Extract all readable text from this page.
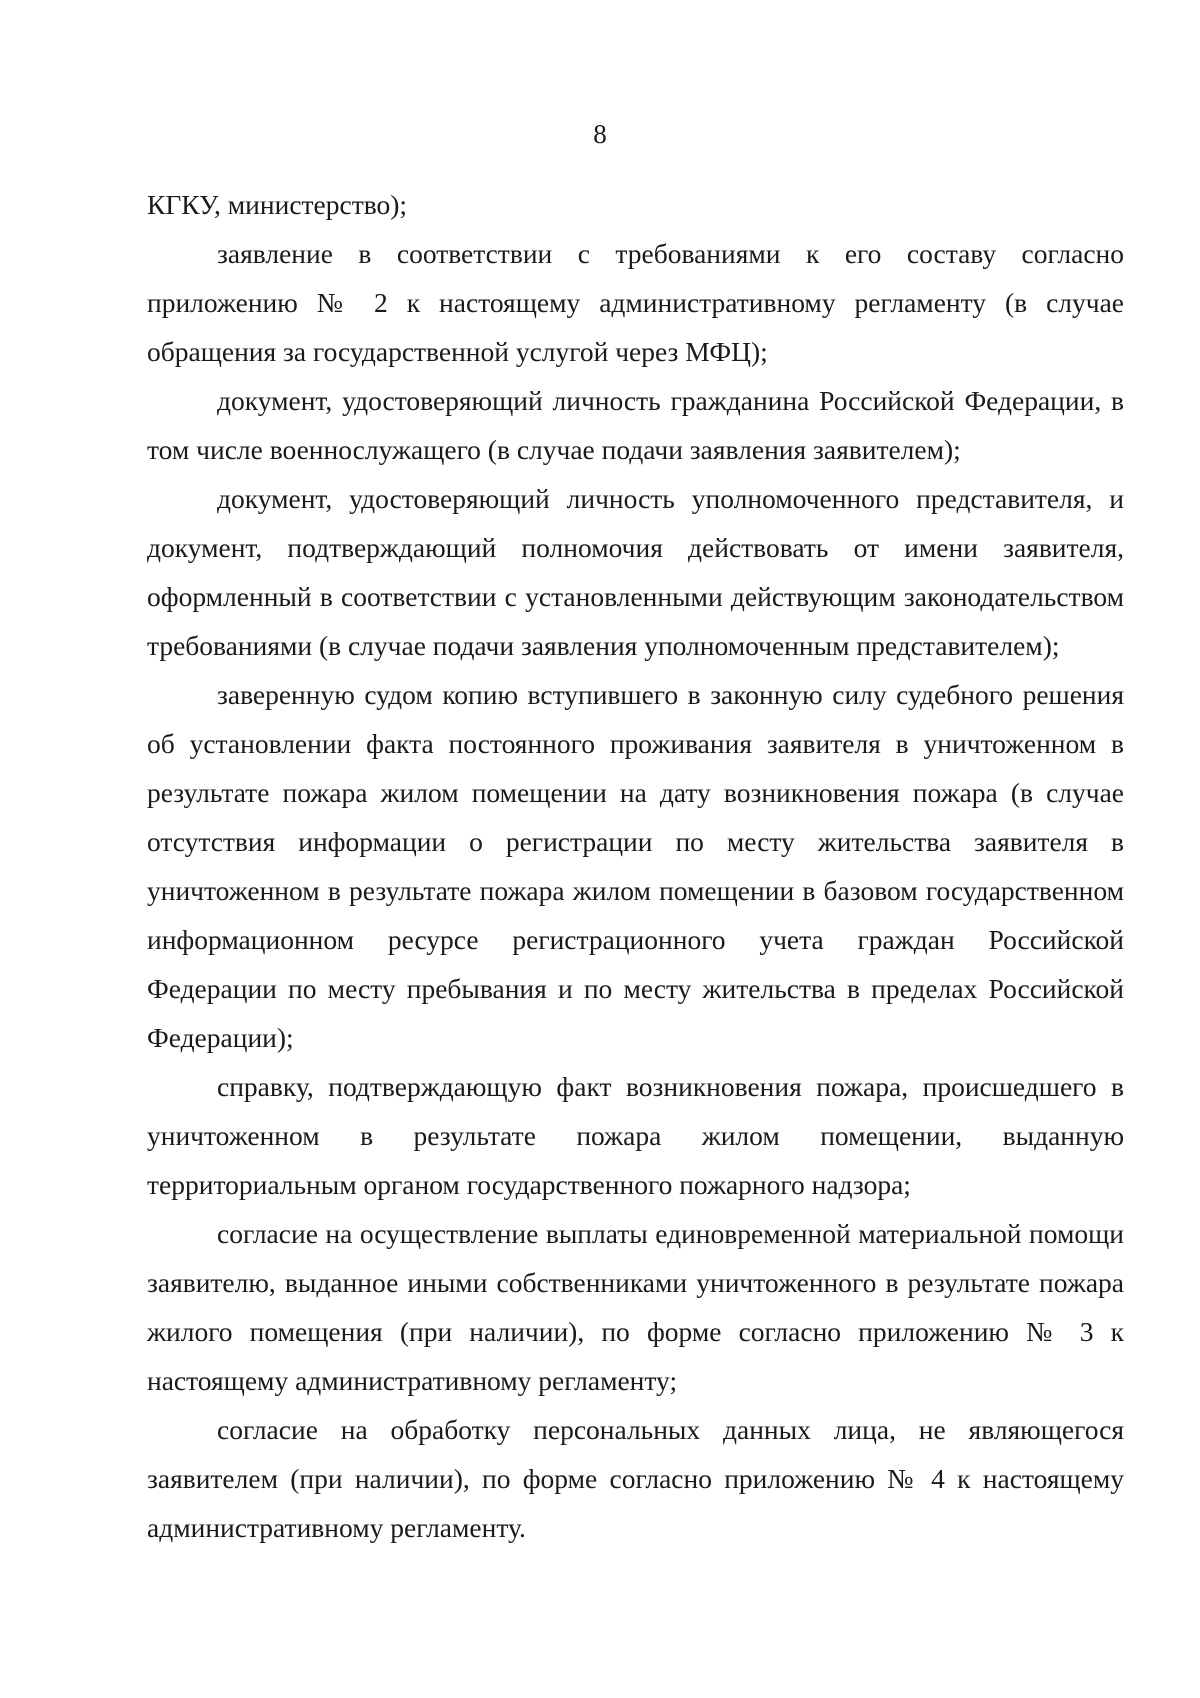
8

КГКУ, министерство);

заявление в соответствии с требованиями к его составу согласно приложению № 2 к настоящему административному регламенту (в случае обращения за государственной услугой через МФЦ);

документ, удостоверяющий личность гражданина Российской Федерации, в том числе военнослужащего (в случае подачи заявления заявителем);

документ, удостоверяющий личность уполномоченного представителя, и документ, подтверждающий полномочия действовать от имени заявителя, оформленный в соответствии с установленными действующим законодательством требованиями (в случае подачи заявления уполномоченным представителем);

заверенную судом копию вступившего в законную силу судебного решения об установлении факта постоянного проживания заявителя в уничтоженном в результате пожара жилом помещении на дату возникновения пожара (в случае отсутствия информации о регистрации по месту жительства заявителя в уничтоженном в результате пожара жилом помещении в базовом государственном информационном ресурсе регистрационного учета граждан Российской Федерации по месту пребывания и по месту жительства в пределах Российской Федерации);

справку, подтверждающую факт возникновения пожара, происшедшего в уничтоженном в результате пожара жилом помещении, выданную территориальным органом государственного пожарного надзора;

согласие на осуществление выплаты единовременной материальной помощи заявителю, выданное иными собственниками уничтоженного в результате пожара жилого помещения (при наличии), по форме согласно приложению № 3 к настоящему административному регламенту;

согласие на обработку персональных данных лица, не являющегося заявителем (при наличии), по форме согласно приложению № 4 к настоящему административному регламенту.
